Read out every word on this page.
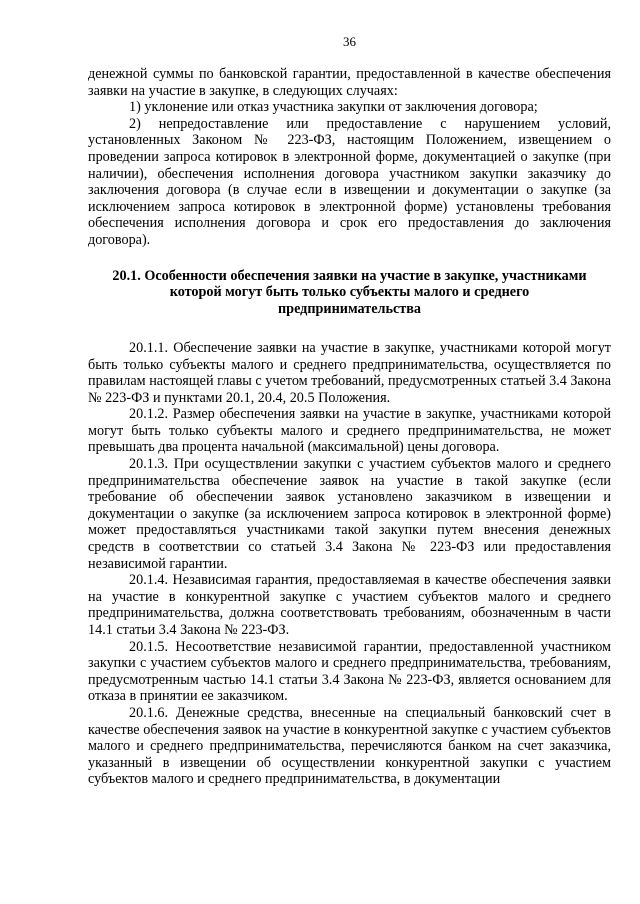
36

денежной суммы по банковской гарантии, предоставленной в качестве обеспечения заявки на участие в закупке, в следующих случаях:

1) уклонение или отказ участника закупки от заключения договора;

2) непредоставление или предоставление с нарушением условий, установленных Законом № 223-ФЗ, настоящим Положением, извещением о проведении запроса котировок в электронной форме, документацией о закупке (при наличии), обеспечения исполнения договора участником закупки заказчику до заключения договора (в случае если в извещении и документации о закупке (за исключением запроса котировок в электронной форме) установлены требования обеспечения исполнения договора и срок его предоставления до заключения договора).

20.1. Особенности обеспечения заявки на участие в закупке, участниками которой могут быть только субъекты малого и среднего предпринимательства

20.1.1. Обеспечение заявки на участие в закупке, участниками которой могут быть только субъекты малого и среднего предпринимательства, осуществляется по правилам настоящей главы с учетом требований, предусмотренных статьей 3.4 Закона № 223-ФЗ и пунктами 20.1, 20.4, 20.5 Положения.

20.1.2. Размер обеспечения заявки на участие в закупке, участниками которой могут быть только субъекты малого и среднего предпринимательства, не может превышать два процента начальной (максимальной) цены договора.

20.1.3. При осуществлении закупки с участием субъектов малого и среднего предпринимательства обеспечение заявок на участие в такой закупке (если требование об обеспечении заявок установлено заказчиком в извещении и документации о закупке (за исключением запроса котировок в электронной форме) может предоставляться участниками такой закупки путем внесения денежных средств в соответствии со статьей 3.4 Закона № 223-ФЗ или предоставления независимой гарантии.

20.1.4. Независимая гарантия, предоставляемая в качестве обеспечения заявки на участие в конкурентной закупке с участием субъектов малого и среднего предпринимательства, должна соответствовать требованиям, обозначенным в части 14.1 статьи 3.4 Закона № 223-ФЗ.

20.1.5. Несоответствие независимой гарантии, предоставленной участником закупки с участием субъектов малого и среднего предпринимательства, требованиям, предусмотренным частью 14.1 статьи 3.4 Закона № 223-ФЗ, является основанием для отказа в принятии ее заказчиком.

20.1.6. Денежные средства, внесенные на специальный банковский счет в качестве обеспечения заявок на участие в конкурентной закупке с участием субъектов малого и среднего предпринимательства, перечисляются банком на счет заказчика, указанный в извещении об осуществлении конкурентной закупки с участием субъектов малого и среднего предпринимательства, в документации
